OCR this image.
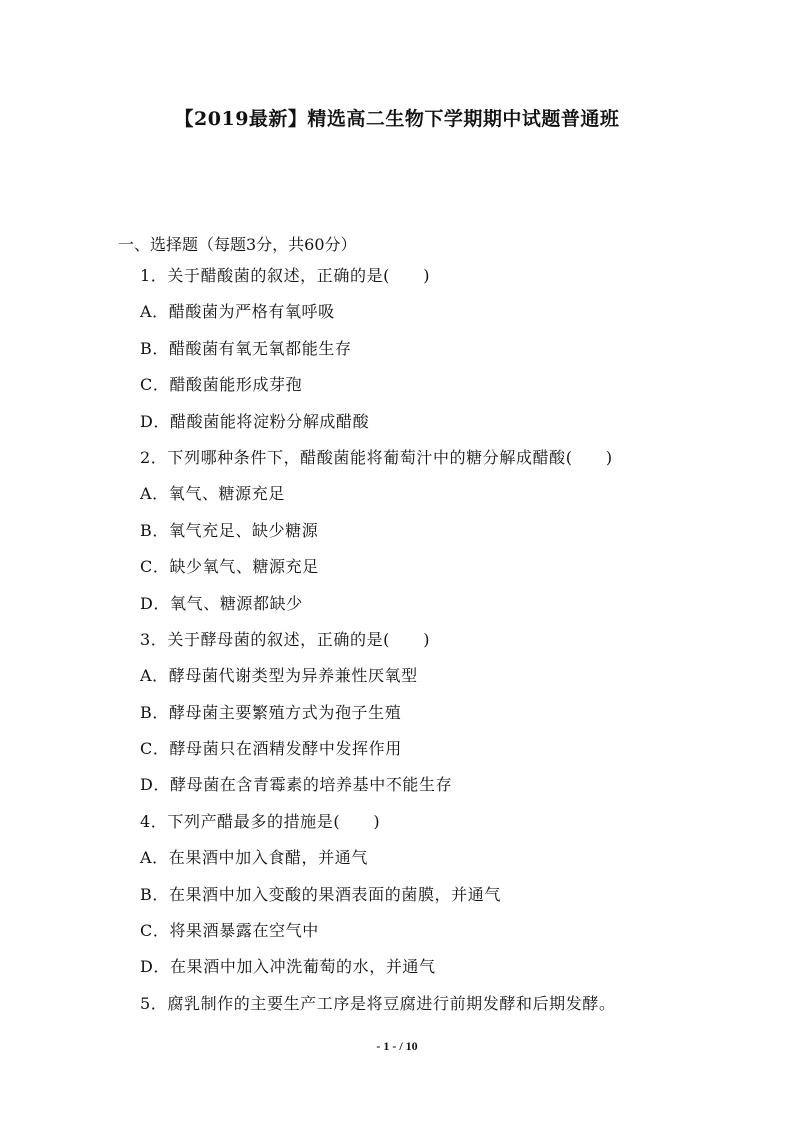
【2019最新】精选高二生物下学期期中试题普通班
一、选择题（每题3分，共60分）
1．关于醋酸菌的叙述，正确的是(　　)
A．醋酸菌为严格有氧呼吸
B．醋酸菌有氧无氧都能生存
C．醋酸菌能形成芽孢
D．醋酸菌能将淀粉分解成醋酸
2．下列哪种条件下，醋酸菌能将葡萄汁中的糖分解成醋酸(　　)
A．氧气、糖源充足
B．氧气充足、缺少糖源
C．缺少氧气、糖源充足
D．氧气、糖源都缺少
3．关于酵母菌的叙述，正确的是(　　)
A．酵母菌代谢类型为异养兼性厌氧型
B．酵母菌主要繁殖方式为孢子生殖
C．酵母菌只在酒精发酵中发挥作用
D．酵母菌在含青霉素的培养基中不能生存
4．下列产醋最多的措施是(　　)
A．在果酒中加入食醋，并通气
B．在果酒中加入变酸的果酒表面的菌膜，并通气
C．将果酒暴露在空气中
D．在果酒中加入冲洗葡萄的水，并通气
5．腐乳制作的主要生产工序是将豆腐进行前期发酵和后期发酵。
- 1 - / 10
